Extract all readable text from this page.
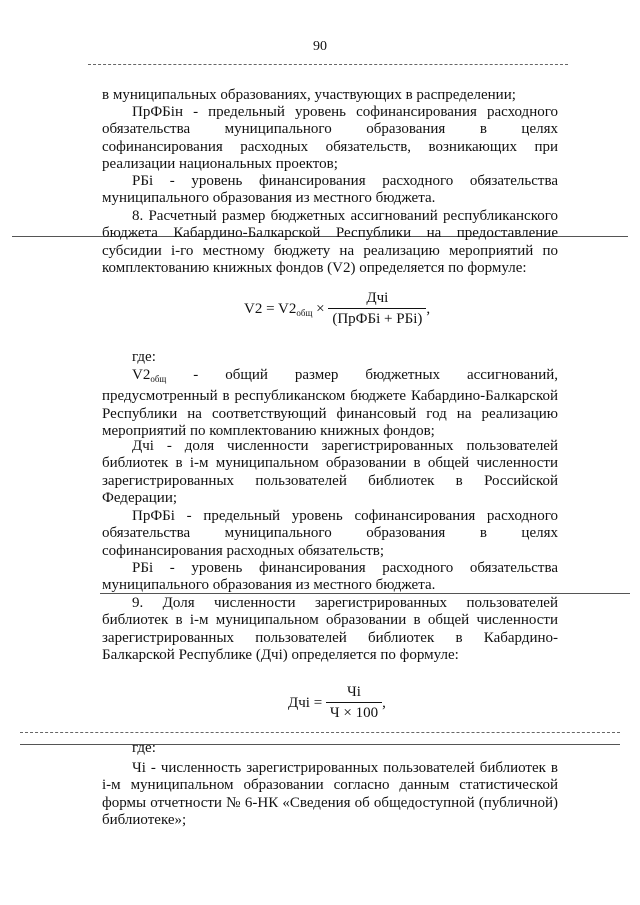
90

в муниципальных образованиях, участвующих в распределении;

ПрФБiн - предельный уровень софинансирования расходного обязательства муниципального образования в целях софинансирования расходных обязательств, возникающих при реализации национальных проектов;

РБi - уровень финансирования расходного обязательства муниципального образования из местного бюджета.

8. Расчетный размер бюджетных ассигнований республиканского бюджета Кабардино-Балкарской Республики на предоставление субсидии i-го местному бюджету на реализацию мероприятий по комплектованию книжных фондов (V2) определяется по формуле:

$V2 = V2_{общ} \times \frac{\text{Дчi}}{\text{(ПрФБi + РБi)}}$ ,

где:

$V2_{общ}$ - общий размер бюджетных ассигнований, предусмотренный в республиканском бюджете Кабардино-Балкарской Республики на соответствующий финансовый год на реализацию мероприятий по комплектованию книжных фондов;

Дчi - доля численности зарегистрированных пользователей библиотек в i-м муниципальном образовании в общей численности зарегистрированных пользователей библиотек в Российской Федерации;

ПрФБi - предельный уровень софинансирования расходного обязательства муниципального образования в целях софинансирования расходных обязательств;

РБi - уровень финансирования расходного обязательства муниципального образования из местного бюджета.

9. Доля численности зарегистрированных пользователей библиотек в i-м муниципальном образовании в общей численности зарегистрированных пользователей библиотек в Кабардино-Балкарской Республике (Дчi) определяется по формуле:

Дчi = $\frac{Чi}{Ч \times 100}$ ,

где:

Чi - численность зарегистрированных пользователей библиотек в i-м муниципальном образовании согласно данным статистической формы отчетности № 6-НК «Сведения об общедоступной (публичной) библиотеке»;
